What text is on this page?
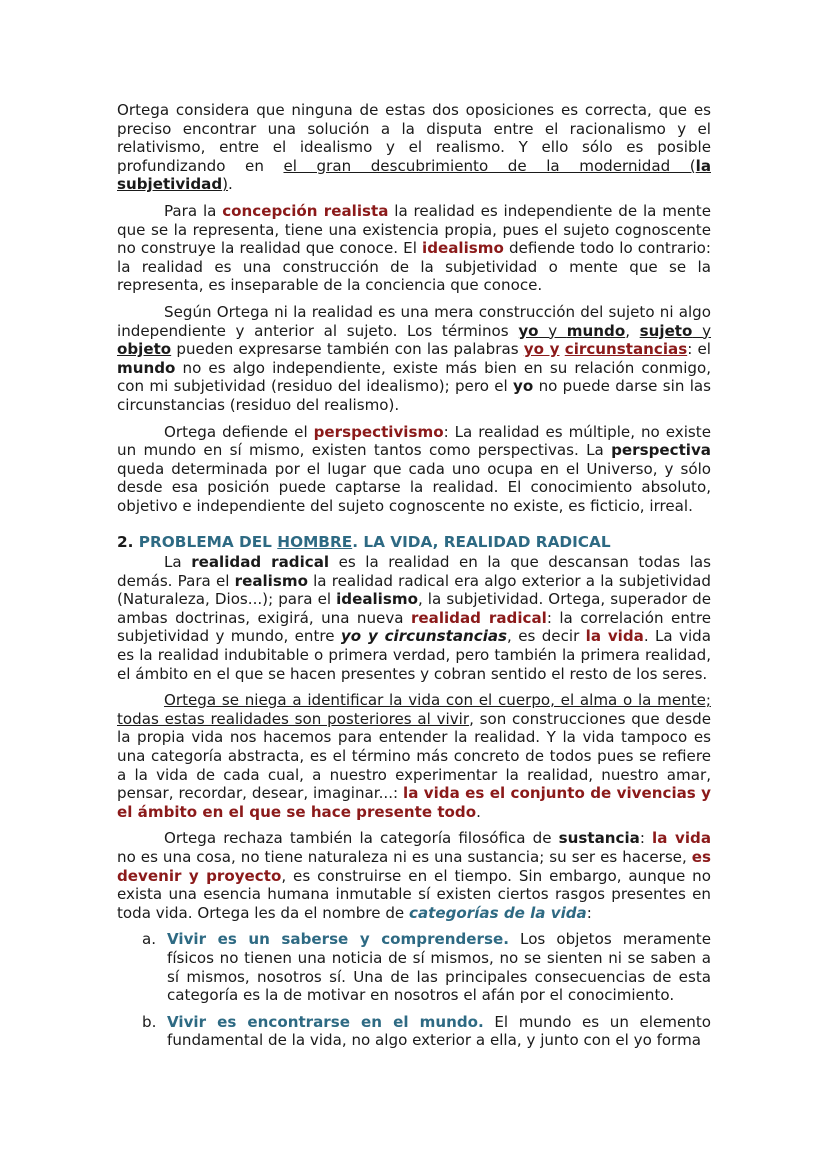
Ortega considera que ninguna de estas dos oposiciones es correcta, que es preciso encontrar una solución a la disputa entre el racionalismo y el relativismo, entre el idealismo y el realismo. Y ello sólo es posible profundizando en el gran descubrimiento de la modernidad (la subjetividad).

Para la concepción realista la realidad es independiente de la mente que se la representa, tiene una existencia propia, pues el sujeto cognoscente no construye la realidad que conoce. El idealismo defiende todo lo contrario: la realidad es una construcción de la subjetividad o mente que se la representa, es inseparable de la conciencia que conoce.

Según Ortega ni la realidad es una mera construcción del sujeto ni algo independiente y anterior al sujeto. Los términos yo y mundo, sujeto y objeto pueden expresarse también con las palabras yo y circunstancias: el mundo no es algo independiente, existe más bien en su relación conmigo, con mi subjetividad (residuo del idealismo); pero el yo no puede darse sin las circunstancias (residuo del realismo).

Ortega defiende el perspectivismo: La realidad es múltiple, no existe un mundo en sí mismo, existen tantos como perspectivas. La perspectiva queda determinada por el lugar que cada uno ocupa en el Universo, y sólo desde esa posición puede captarse la realidad. El conocimiento absoluto, objetivo e independiente del sujeto cognoscente no existe, es ficticio, irreal.

2. PROBLEMA DEL HOMBRE. LA VIDA, REALIDAD RADICAL

La realidad radical es la realidad en la que descansan todas las demás. Para el realismo la realidad radical era algo exterior a la subjetividad (Naturaleza, Dios...); para el idealismo, la subjetividad. Ortega, superador de ambas doctrinas, exigirá, una nueva realidad radical: la correlación entre subjetividad y mundo, entre yo y circunstancias, es decir la vida. La vida es la realidad indubitable o primera verdad, pero también la primera realidad, el ámbito en el que se hacen presentes y cobran sentido el resto de los seres.

Ortega se niega a identificar la vida con el cuerpo, el alma o la mente; todas estas realidades son posteriores al vivir, son construcciones que desde la propia vida nos hacemos para entender la realidad. Y la vida tampoco es una categoría abstracta, es el término más concreto de todos pues se refiere a la vida de cada cual, a nuestro experimentar la realidad, nuestro amar, pensar, recordar, desear, imaginar...: la vida es el conjunto de vivencias y el ámbito en el que se hace presente todo.

Ortega rechaza también la categoría filosófica de sustancia: la vida no es una cosa, no tiene naturaleza ni es una sustancia; su ser es hacerse, es devenir y proyecto, es construirse en el tiempo. Sin embargo, aunque no exista una esencia humana inmutable sí existen ciertos rasgos presentes en toda vida. Ortega les da el nombre de categorías de la vida:

a. Vivir es un saberse y comprenderse. Los objetos meramente físicos no tienen una noticia de sí mismos, no se sienten ni se saben a sí mismos, nosotros sí. Una de las principales consecuencias de esta categoría es la de motivar en nosotros el afán por el conocimiento.
b. Vivir es encontrarse en el mundo. El mundo es un elemento fundamental de la vida, no algo exterior a ella, y junto con el yo forma
